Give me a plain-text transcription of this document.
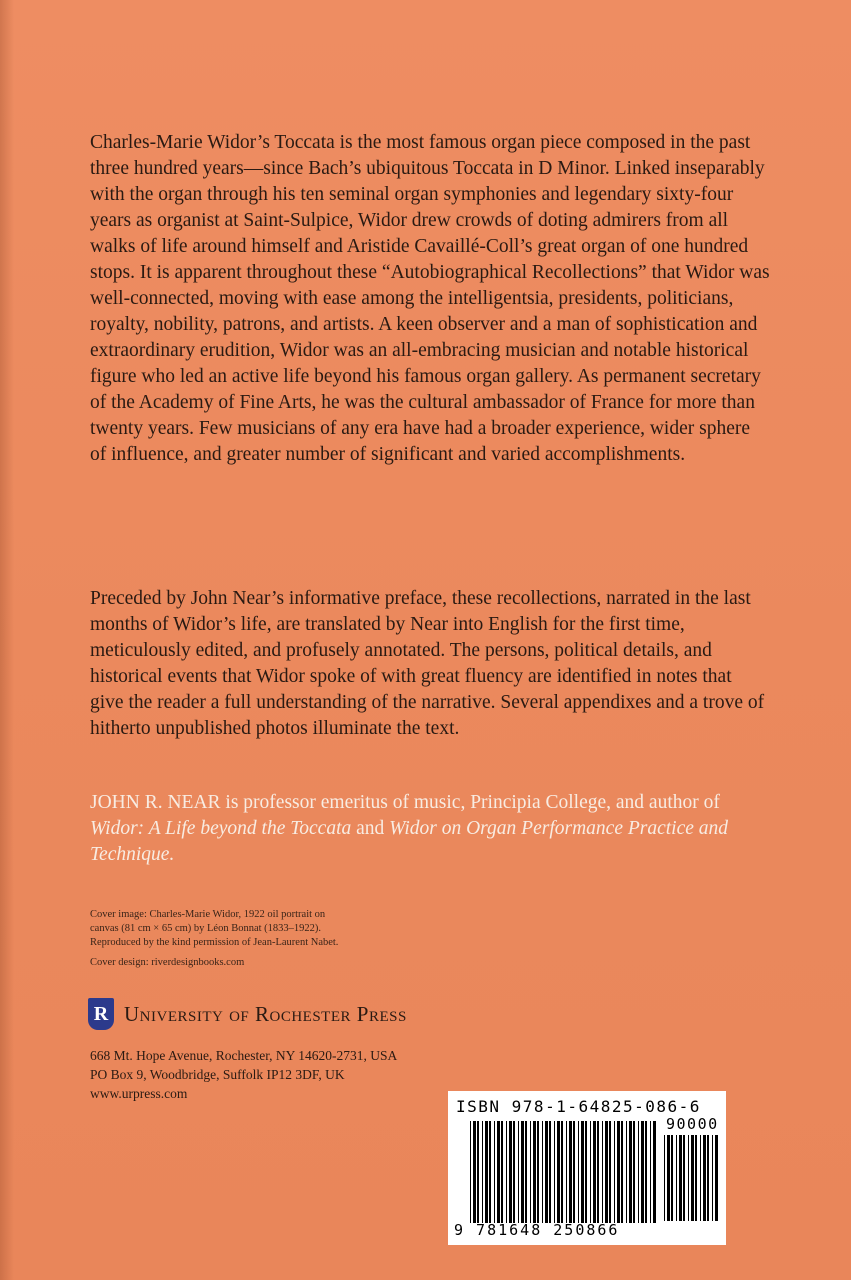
Charles-Marie Widor’s Toccata is the most famous organ piece composed in the past three hundred years—since Bach’s ubiquitous Toccata in D Minor. Linked inseparably with the organ through his ten seminal organ symphonies and legendary sixty-four years as organist at Saint-Sulpice, Widor drew crowds of doting admirers from all walks of life around himself and Aristide Cavaillé-Coll’s great organ of one hundred stops. It is apparent throughout these “Autobiographical Recollections” that Widor was well-connected, moving with ease among the intelligentsia, presidents, politicians, royalty, nobility, patrons, and artists. A keen observer and a man of sophistication and extraordinary erudition, Widor was an all-embracing musician and notable historical figure who led an active life beyond his famous organ gallery. As permanent secretary of the Academy of Fine Arts, he was the cultural ambassador of France for more than twenty years. Few musicians of any era have had a broader experience, wider sphere of influence, and greater number of significant and varied accomplishments.

Preceded by John Near’s informative preface, these recollections, narrated in the last months of Widor’s life, are translated by Near into English for the first time, meticulously edited, and profusely annotated. The persons, political details, and historical events that Widor spoke of with great fluency are identified in notes that give the reader a full understanding of the narrative. Several appendixes and a trove of hitherto unpublished photos illuminate the text.

JOHN R. NEAR is professor emeritus of music, Principia College, and author of Widor: A Life beyond the Toccata and Widor on Organ Performance Practice and Technique.

Cover image: Charles-Marie Widor, 1922 oil portrait on
canvas (81 cm × 65 cm) by Léon Bonnat (1833–1922).
Reproduced by the kind permission of Jean-Laurent Nabet.
Cover design: riverdesignbooks.com
R University of Rochester Press
668 Mt. Hope Avenue, Rochester, NY 14620-2731, USA
PO Box 9, Woodbridge, Suffolk IP12 3DF, UK
www.urpress.com
ISBN 978-1-64825-086-6
90000
9 781648 250866
